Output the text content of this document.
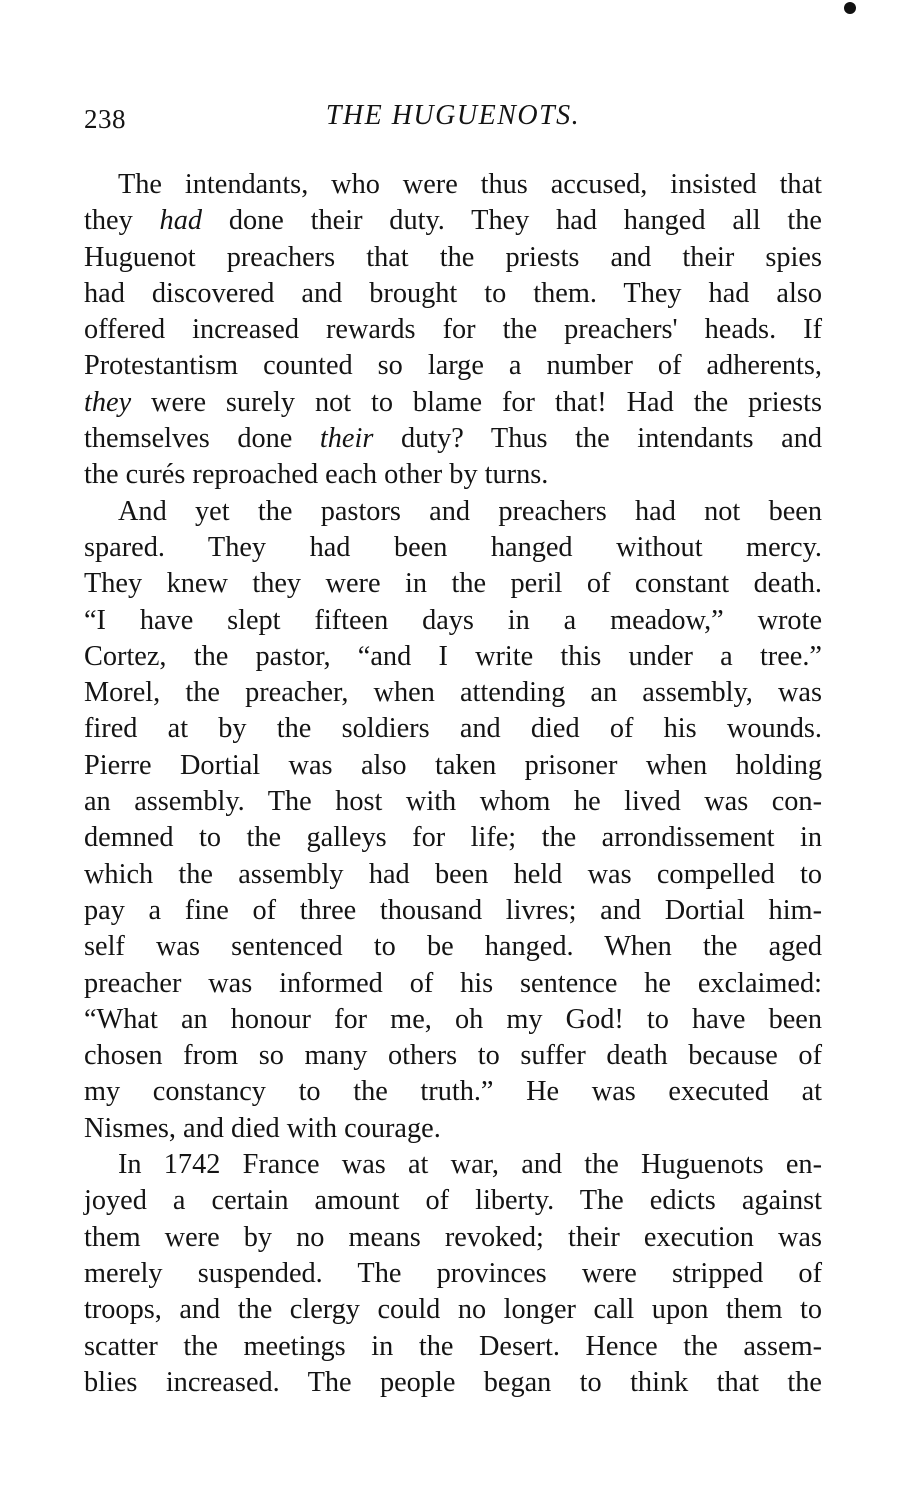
238	THE HUGUENOTS.
The intendants, who were thus accused, insisted that
they had done their duty. They had hanged all the
Huguenot preachers that the priests and their spies
had discovered and brought to them. They had also
offered increased rewards for the preachers' heads. If
Protestantism counted so large a number of adherents,
they were surely not to blame for that! Had the priests
themselves done their duty? Thus the intendants and
the curés reproached each other by turns.
And yet the pastors and preachers had not been
spared. They had been hanged without mercy.
They knew they were in the peril of constant death.
“I have slept fifteen days in a meadow,” wrote
Cortez, the pastor, “and I write this under a tree.”
Morel, the preacher, when attending an assembly, was
fired at by the soldiers and died of his wounds.
Pierre Dortial was also taken prisoner when holding
an assembly. The host with whom he lived was con-
demned to the galleys for life; the arrondissement in
which the assembly had been held was compelled to
pay a fine of three thousand livres; and Dortial him-
self was sentenced to be hanged. When the aged
preacher was informed of his sentence he exclaimed:
“What an honour for me, oh my God! to have been
chosen from so many others to suffer death because of
my constancy to the truth.” He was executed at
Nismes, and died with courage.
In 1742 France was at war, and the Huguenots en-
joyed a certain amount of liberty. The edicts against
them were by no means revoked; their execution was
merely suspended. The provinces were stripped of
troops, and the clergy could no longer call upon them to
scatter the meetings in the Desert. Hence the assem-
blies increased. The people began to think that the
